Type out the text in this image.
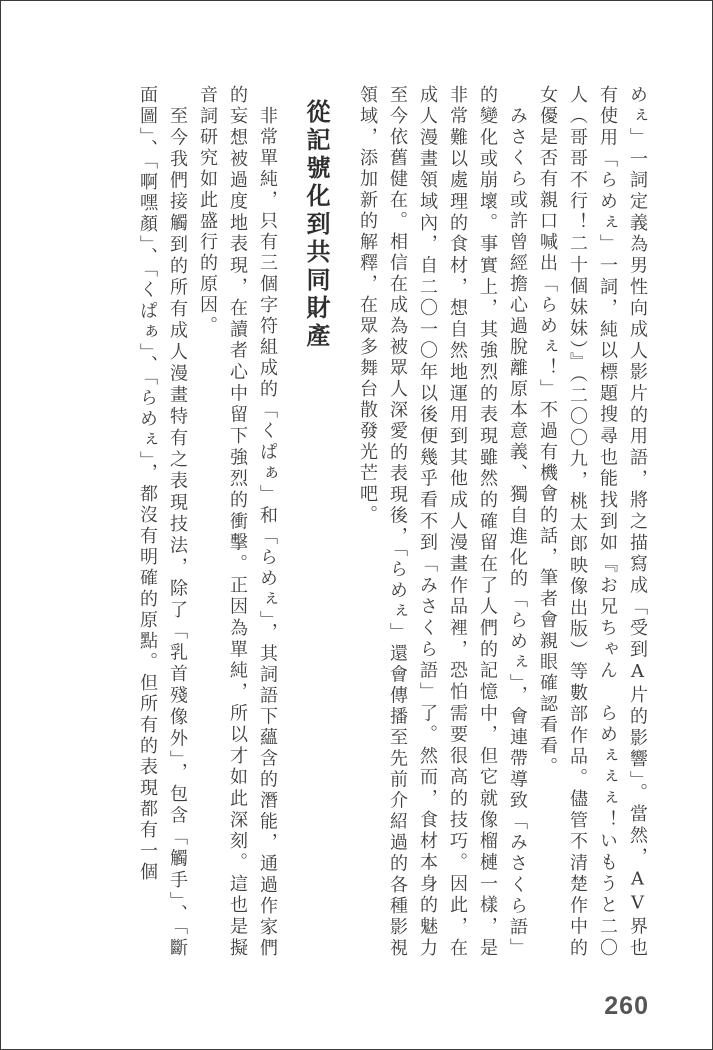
めぇ」一詞定義為男性向成人影片的用語，將之描寫成「受到A片的影響」。當然，AV界也有使用「らめぇ」一詞，純以標題搜尋也能找到如『お兄ちゃん　らめぇぇぇ！いもうと二〇人（哥哥不行！二十個妹妹）』（二〇〇九，桃太郎映像出版）等數部作品。儘管不清楚作中的女優是否有親口喊出「らめぇ！」不過有機會的話，筆者會親眼確認看看。

みさくら或許曾經擔心過脫離原本意義、獨自進化的「らめぇ」，會連帶導致「みさくら語」的變化或崩壞。事實上，其強烈的表現雖然的確留在了人們的記憶中，但它就像榴槤一樣，是非常難以處理的食材，想自然地運用到其他成人漫畫作品裡，恐怕需要很高的技巧。因此，在成人漫畫領域內，自二〇一〇年以後便幾乎看不到「みさくら語」了。然而，食材本身的魅力至今依舊健在。相信在成為被眾人深愛的表現後，「らめぇ」還會傳播至先前介紹過的各種影視領域，添加新的解釋，在眾多舞台散發光芒吧。

從記號化到共同財產

非常單純，只有三個字符組成的「くぱぁ」和「らめぇ」，其詞語下蘊含的潛能，通過作家們的妄想被過度地表現，在讀者心中留下強烈的衝擊。正因為單純，所以才如此深刻。這也是擬音詞研究如此盛行的原因。

至今我們接觸到的所有成人漫畫特有之表現技法，除了「乳首殘像外」，包含「觸手」、「斷面圖」、「啊嘿顏」、「くぱぁ」、「らめぇ」，都沒有明確的原點。但所有的表現都有一個

260
